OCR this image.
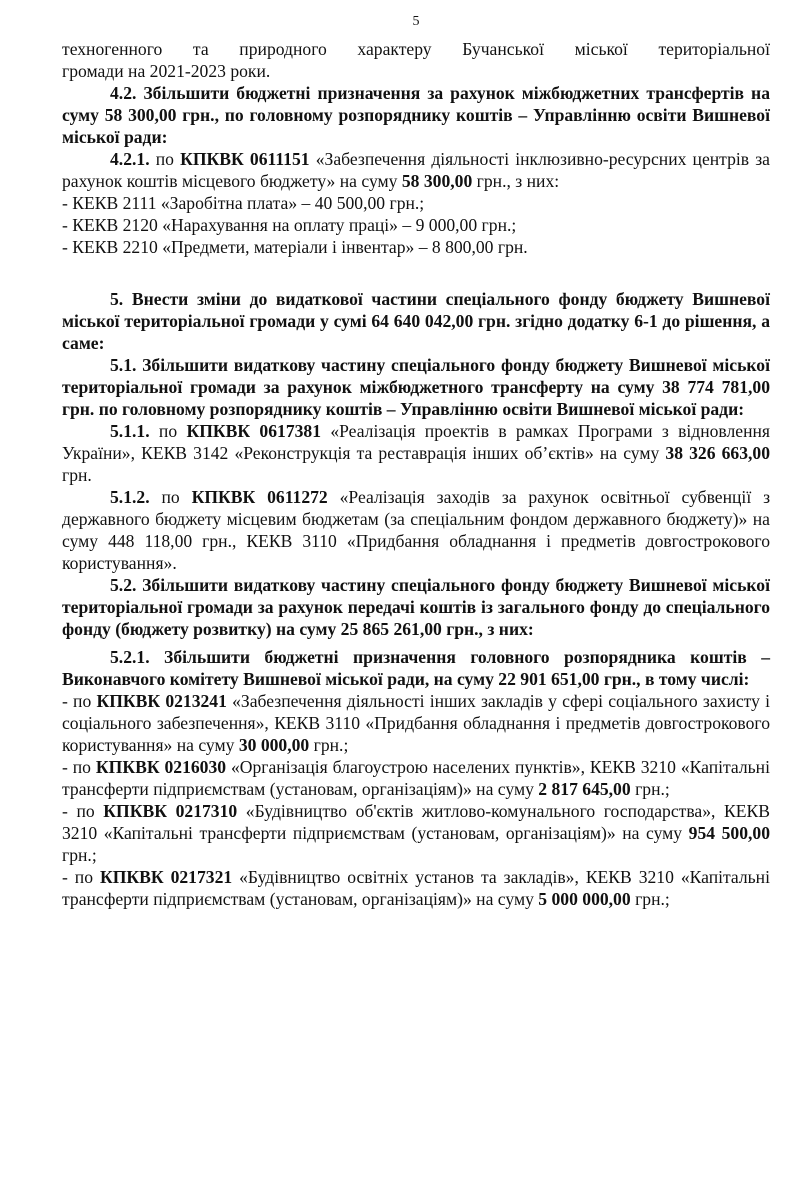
5

техногенного та природного характеру Бучанської міської територіальної

громади на 2021-2023 роки.

4.2. Збільшити бюджетні призначення за рахунок міжбюджетних трансфертів на суму 58 300,00 грн., по головному розпоряднику коштів – Управлінню освіти Вишневої міської ради:

4.2.1. по КПКВК 0611151 «Забезпечення діяльності інклюзивно-ресурсних центрів за рахунок коштів місцевого бюджету» на суму 58 300,00 грн., з них:

- КЕКВ 2111 «Заробітна плата» – 40 500,00 грн.;

- КЕКВ 2120 «Нарахування на оплату праці» – 9 000,00 грн.;

- КЕКВ 2210 «Предмети, матеріали і інвентар» – 8 800,00 грн.

5. Внести зміни до видаткової частини спеціального фонду бюджету Вишневої міської територіальної громади у сумі 64 640 042,00 грн. згідно додатку 6-1 до рішення, а саме:

5.1. Збільшити видаткову частину спеціального фонду бюджету Вишневої міської територіальної громади за рахунок міжбюджетного трансферту на суму 38 774 781,00 грн. по головному розпоряднику коштів – Управлінню освіти Вишневої міської ради:

5.1.1. по КПКВК 0617381 «Реалізація проектів в рамках Програми з відновлення України», КЕКВ 3142 «Реконструкція та реставрація інших об’єктів» на суму 38 326 663,00 грн.

5.1.2. по КПКВК 0611272 «Реалізація заходів за рахунок освітньої субвенції з державного бюджету місцевим бюджетам (за спеціальним фондом державного бюджету)» на суму 448 118,00 грн., КЕКВ 3110 «Придбання обладнання і предметів довгострокового користування».

5.2. Збільшити видаткову частину спеціального фонду бюджету Вишневої міської територіальної громади за рахунок передачі коштів із загального фонду до спеціального фонду (бюджету розвитку) на суму 25 865 261,00 грн., з них:

5.2.1. Збільшити бюджетні призначення головного розпорядника коштів – Виконавчого комітету Вишневої міської ради, на суму 22 901 651,00 грн., в тому числі:

- по КПКВК 0213241 «Забезпечення діяльності інших закладів у сфері соціального захисту і соціального забезпечення», КЕКВ 3110 «Придбання обладнання і предметів довгострокового користування» на суму 30 000,00 грн.;

- по КПКВК 0216030 «Організація благоустрою населених пунктів», КЕКВ 3210 «Капітальні трансферти підприємствам (установам, організаціям)» на суму 2 817 645,00 грн.;

- по КПКВК 0217310 «Будівництво об'єктів житлово-комунального господарства», КЕКВ 3210 «Капітальні трансферти підприємствам (установам, організаціям)» на суму 954 500,00 грн.;

- по КПКВК 0217321 «Будівництво освітніх установ та закладів», КЕКВ 3210 «Капітальні трансферти підприємствам (установам, організаціям)» на суму 5 000 000,00 грн.;
